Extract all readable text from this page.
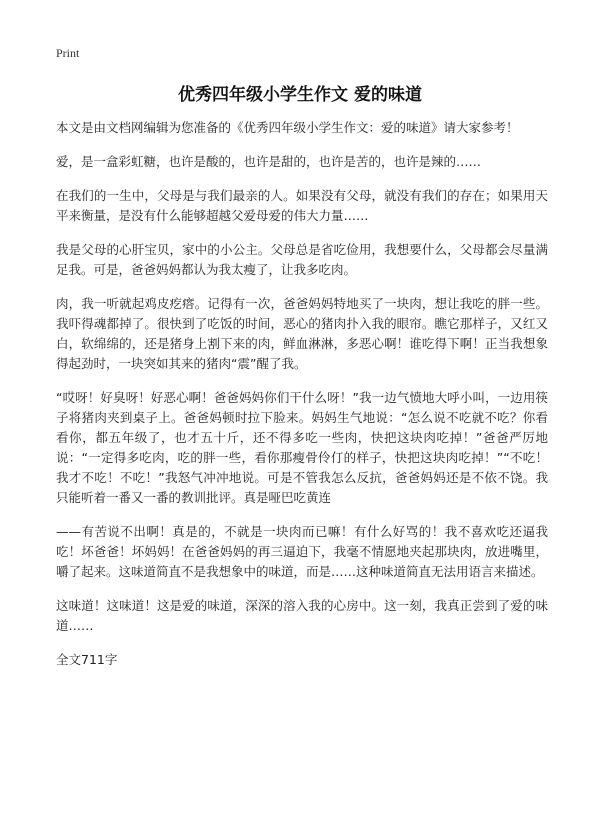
Print
优秀四年级小学生作文 爱的味道

本文是由文档网编辑为您准备的《优秀四年级小学生作文：爱的味道》请大家参考！

爱，是一盒彩虹糖，也许是酸的，也许是甜的，也许是苦的，也许是辣的……

在我们的一生中，父母是与我们最亲的人。如果没有父母，就没有我们的存在；如果用天平来衡量，是没有什么能够超越父爱母爱的伟大力量……

我是父母的心肝宝贝，家中的小公主。父母总是省吃俭用，我想要什么，父母都会尽量满足我。可是，爸爸妈妈都认为我太瘦了，让我多吃肉。

肉，我一听就起鸡皮疙瘩。记得有一次，爸爸妈妈特地买了一块肉，想让我吃的胖一些。我吓得魂都掉了。很快到了吃饭的时间，恶心的猪肉扑入我的眼帘。瞧它那样子，又红又白，软绵绵的，还是猪身上割下来的肉，鲜血淋淋，多恶心啊！谁吃得下啊！正当我想象得起劲时，一块突如其来的猪肉“震”醒了我。

“哎呀！好臭呀！好恶心啊！爸爸妈妈你们干什么呀！”我一边气愤地大呼小叫，一边用筷子将猪肉夹到桌子上。爸爸妈顿时拉下脸来。妈妈生气地说：“怎么说不吃就不吃？你看看你，都五年级了，也才五十斤，还不得多吃一些肉，快把这块肉吃掉！”爸爸严厉地说：“一定得多吃肉，吃的胖一些，看你那瘦骨伶仃的样子，快把这块肉吃掉！”“不吃！我才不吃！不吃！”我怒气冲冲地说。可是不管我怎么反抗，爸爸妈妈还是不依不饶。我只能听着一番又一番的教训批评。真是哑巴吃黄连

——有苦说不出啊！真是的，不就是一块肉而已嘛！有什么好骂的！我不喜欢吃还逼我吃！坏爸爸！坏妈妈！在爸爸妈妈的再三逼迫下，我毫不情愿地夹起那块肉，放进嘴里，嚼了起来。这味道简直不是我想象中的味道，而是……这种味道简直无法用语言来描述。

这味道！这味道！这是爱的味道，深深的溶入我的心房中。这一刻，我真正尝到了爱的味道……

全文711字
